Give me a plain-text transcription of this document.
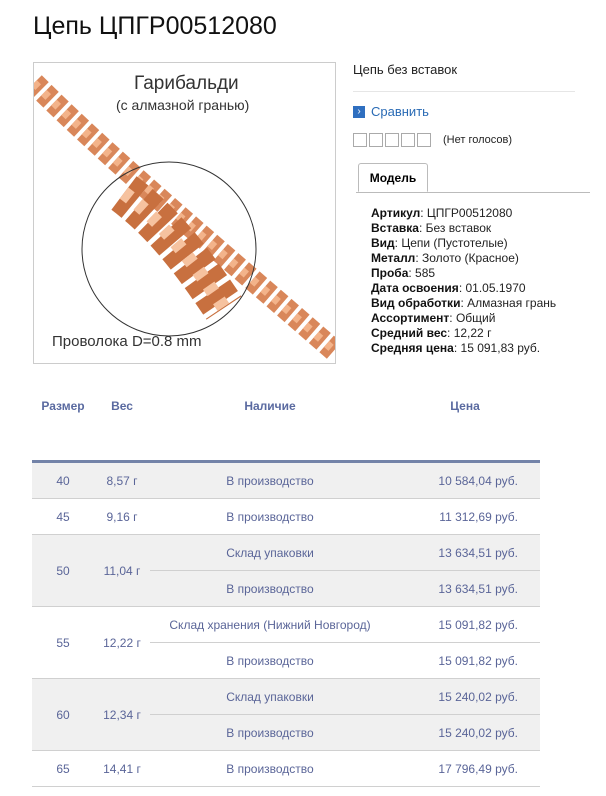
Цепь ЦПГР00512080
Гарибальди
(с алмазной гранью)
Проволока D=0.8 mm
Цепь без вставок
› Сравнить
(Нет голосов)
Модель
Артикул: ЦПГР00512080
Вставка: Без вставок
Вид: Цепи (Пустотелые)
Металл: Золото (Красное)
Проба: 585
Дата освоения: 01.05.1970
Вид обработки: Алмазная грань
Ассортимент: Общий
Средний вес: 12,22 г
Средняя цена: 15 091,83 руб.
Размер	Вес	Наличие	Цена

40	8,57 г	В производство	10 584,04 руб.
45	9,16 г	В производство	11 312,69 руб.
50	11,04 г	Склад упаковки	13 634,51 руб.
		В производство	13 634,51 руб.
55	12,22 г	Склад хранения (Нижний Новгород)	15 091,82 руб.
		В производство	15 091,82 руб.
60	12,34 г	Склад упаковки	15 240,02 руб.
		В производство	15 240,02 руб.
65	14,41 г	В производство	17 796,49 руб.
